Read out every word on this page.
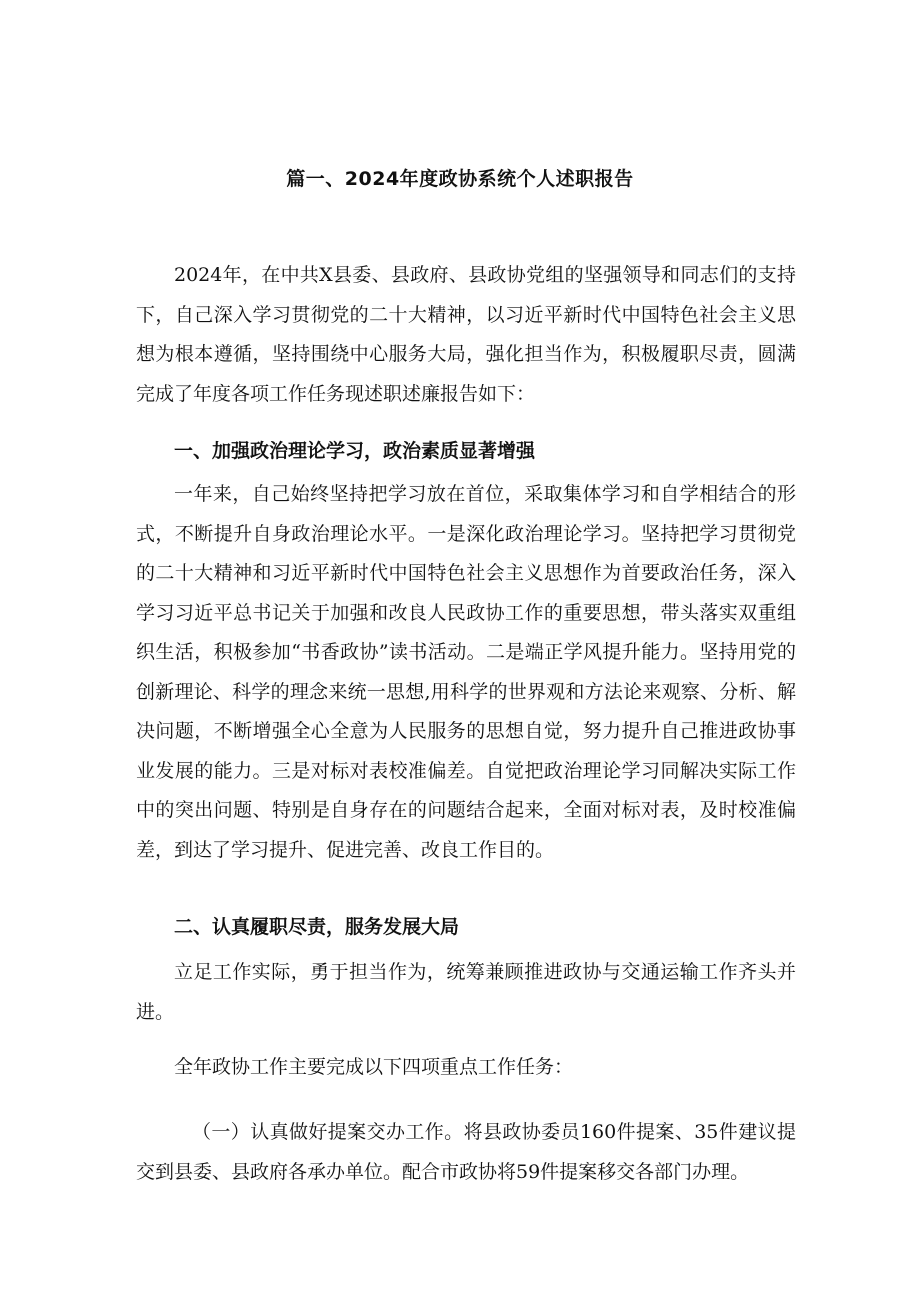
篇一、2024年度政协系统个人述职报告

2024年，在中共X县委、县政府、县政协党组的坚强领导和同志们的支持下，自己深入学习贯彻党的二十大精神，以习近平新时代中国特色社会主义思想为根本遵循，坚持围绕中心服务大局，强化担当作为，积极履职尽责，圆满完成了年度各项工作任务现述职述廉报告如下：

一、加强政治理论学习，政治素质显著增强

一年来，自己始终坚持把学习放在首位，采取集体学习和自学相结合的形式，不断提升自身政治理论水平。一是深化政治理论学习。坚持把学习贯彻党的二十大精神和习近平新时代中国特色社会主义思想作为首要政治任务，深入学习习近平总书记关于加强和改良人民政协工作的重要思想，带头落实双重组织生活，积极参加“书香政协”读书活动。二是端正学风提升能力。坚持用党的创新理论、科学的理念来统一思想,用科学的世界观和方法论来观察、分析、解决问题，不断增强全心全意为人民服务的思想自觉，努力提升自己推进政协事业发展的能力。三是对标对表校准偏差。自觉把政治理论学习同解决实际工作中的突出问题、特别是自身存在的问题结合起来，全面对标对表，及时校准偏差，到达了学习提升、促进完善、改良工作目的。

二、认真履职尽责，服务发展大局

立足工作实际，勇于担当作为，统筹兼顾推进政协与交通运输工作齐头并进。

全年政协工作主要完成以下四项重点工作任务：

（一）认真做好提案交办工作。将县政协委员160件提案、35件建议提交到县委、县政府各承办单位。配合市政协将59件提案移交各部门办理。
